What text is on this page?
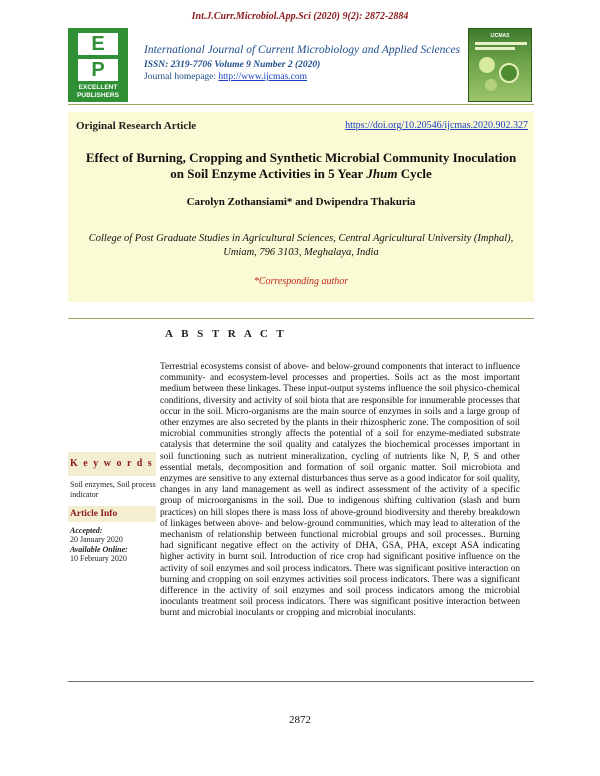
Int.J.Curr.Microbiol.App.Sci (2020) 9(2): 2872-2884
E
P
EXCELLENT
PUBLISHERS
International Journal of Current Microbiology and Applied Sciences
ISSN: 2319-7706 Volume 9 Number 2 (2020)
Journal homepage: http://www.ijcmas.com
IJCMAS
Original Research Article	https://doi.org/10.20546/ijcmas.2020.902.327
Effect of Burning, Cropping and Synthetic Microbial Community Inoculation on Soil Enzyme Activities in 5 Year Jhum Cycle
Carolyn Zothansiami* and Dwipendra Thakuria
College of Post Graduate Studies in Agricultural Sciences, Central Agricultural University (Imphal), Umiam, 796 3103, Meghalaya, India
*Corresponding author
A B S T R A C T
K e y w o r d s
Soil enzymes, Soil process indicator
Article Info
Accepted:
20 January 2020
Available Online:
10 February 2020
Terrestrial ecosystems consist of above- and below-ground components that interact to influence community- and ecosystem-level processes and properties. Soils act as the most important medium between these linkages. These input-output systems influence the soil physico-chemical conditions, diversity and activity of soil biota that are responsible for innumerable processes that occur in the soil. Micro-organisms are the main source of enzymes in soils and a large group of other enzymes are also secreted by the plants in their rhizospheric zone. The composition of soil microbial communities strongly affects the potential of a soil for enzyme-mediated substrate catalysis that determine the soil quality and catalyzes the biochemical processes important in soil functioning such as nutrient mineralization, cycling of nutrients like N, P, S and other essential metals, decomposition and formation of soil organic matter. Soil microbiota and enzymes are sensitive to any external disturbances thus serve as a good indicator for soil quality, changes in any land management as well as indirect assessment of the activity of a specific group of microorganisms in the soil. Due to indigenous shifting cultivation (slash and burn practices) on hill slopes there is mass loss of above-ground biodiversity and thereby breakdown of linkages between above- and below-ground communities, which may lead to alteration of the mechanism of relationship between functional microbial groups and soil processes.. Burning had significant negative effect on the activity of DHA, GSA, PHA, except ASA indicating higher activity in burnt soil. Introduction of rice crop had significant positive influence on the activity of soil enzymes and soil process indicators. There was significant positive interaction on burning and cropping on soil enzymes activities soil process indicators. There was a significant difference in the activity of soil enzymes and soil process indicators among the microbial inoculants treatment soil process indicators. There was significant positive interaction between burnt and microbial inoculants or cropping and microbial inoculants.
2872
